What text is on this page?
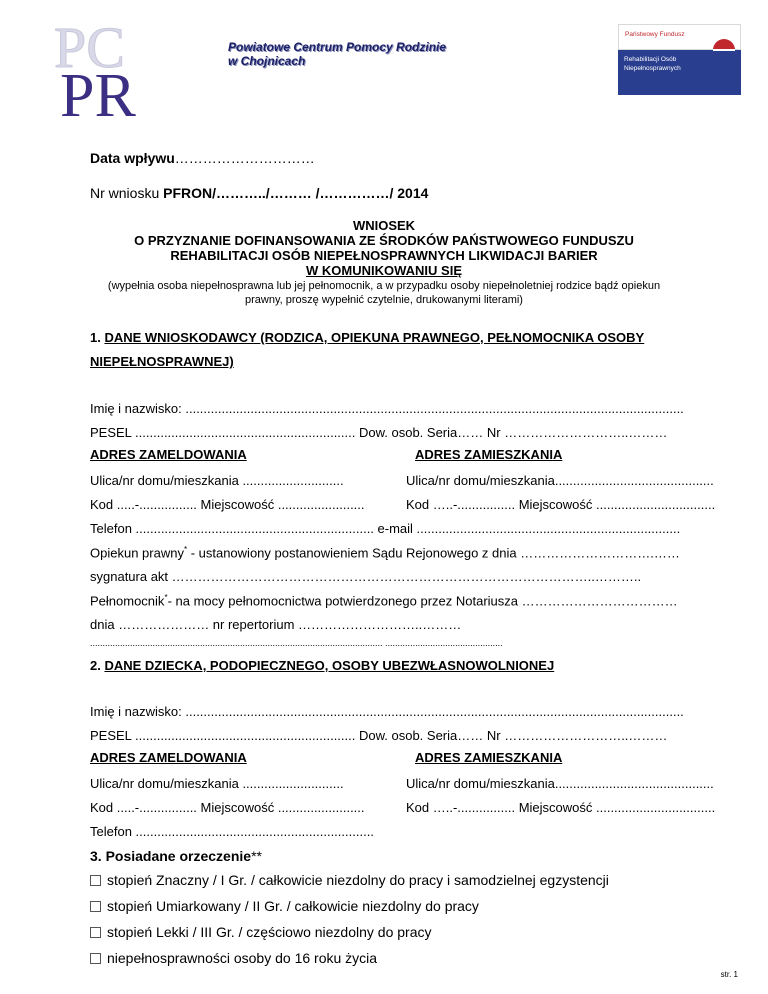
PC
PR
Powiatowe Centrum Pomocy Rodzinie
w Chojnicach
Państwowy Fundusz
Rehabilitacji Osób
Niepełnosprawnych
Data wpływu…………………………
Nr wniosku PFRON/………../……… /……………/ 2014
WNIOSEK
O PRZYZNANIE DOFINANSOWANIA ZE ŚRODKÓW PAŃSTWOWEGO FUNDUSZU
REHABILITACJI OSÓB NIEPEŁNOSPRAWNYCH LIKWIDACJI BARIER
W KOMUNIKOWANIU SIĘ
(wypełnia osoba niepełnosprawna lub jej pełnomocnik, a w przypadku osoby niepełnoletniej rodzice bądź opiekun
prawny, proszę wypełnić czytelnie, drukowanymi literami)
1. DANE WNIOSKODAWCY (RODZICA, OPIEKUNA PRAWNEGO, PEŁNOMOCNIKA OSOBY
NIEPEŁNOSPRAWNEJ)
Imię i nazwisko: ..........................................................................................................................................
PESEL ............................................................. Dow. osob. Seria…… Nr ………………………..………
ADRES ZAMELDOWANIA	ADRES ZAMIESZKANIA
Ulica/nr domu/mieszkania ............................	Ulica/nr domu/mieszkania............................................
Kod .....-................ Miejscowość ........................	Kod …..-................ Miejscowość .................................
Telefon .................................................................. e-mail .........................................................................
Opiekun prawny* - ustanowiony postanowieniem Sądu Rejonowego z dnia ………………………….……
sygnatura akt ……………………………………………………………………………………..………..
Pełnomocnik*- na mocy pełnomocnictwa potwierdzonego przez Notariusza ………………………………
dnia ………………… nr repertorium ………………………..………
..................................................................................................................... ...............................................
2. DANE DZIECKA, PODOPIECZNEGO, OSOBY UBEZWŁASNOWOLNIONEJ
Imię i nazwisko: ..........................................................................................................................................
PESEL ............................................................. Dow. osob. Seria…… Nr ………………………..………
ADRES ZAMELDOWANIA	ADRES ZAMIESZKANIA
Ulica/nr domu/mieszkania ............................	Ulica/nr domu/mieszkania............................................
Kod .....-................ Miejscowość ........................	Kod …..-................ Miejscowość .................................
Telefon ..................................................................
3. Posiadane orzeczenie**
stopień Znaczny / I Gr. / całkowicie niezdolny do pracy i samodzielnej egzystencji
stopień Umiarkowany / II Gr. / całkowicie niezdolny do pracy
stopień Lekki / III Gr. / częściowo niezdolny do pracy
niepełnosprawności osoby do 16 roku życia
str. 1
